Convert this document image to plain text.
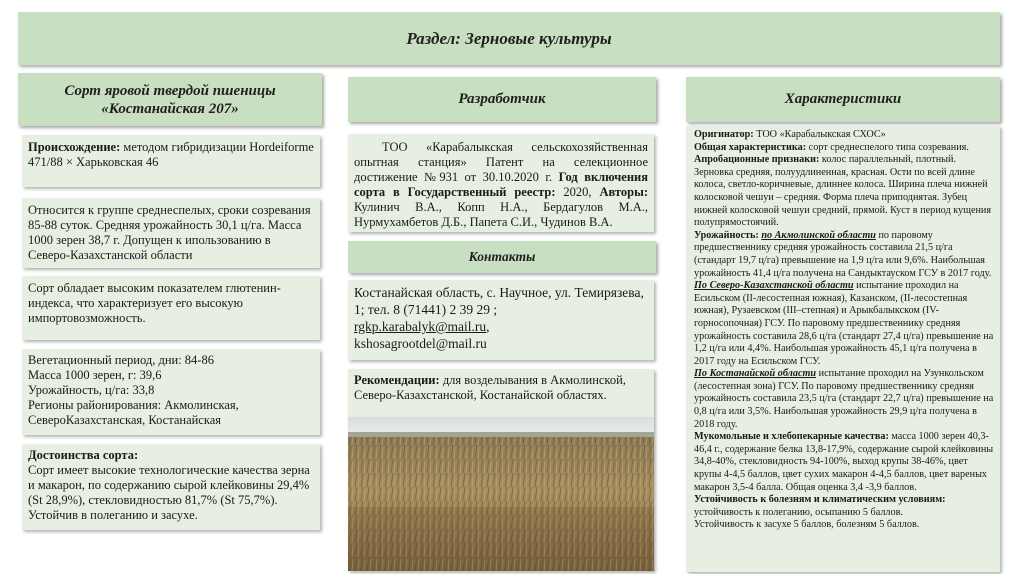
Раздел: Зерновые культуры
Сорт яровой твердой пшеницы
«Костанайская 207»
Происхождение: методом гибридизации Hordeiforme 471/88 × Харьковская 46
Относится к группе среднеспелых, сроки созревания 85-88 суток. Средняя урожайность 30,1 ц/га. Масса 1000 зерен 38,7 г. Допущен к ипользованию в Северо-Казахстанской области
Сорт обладает высоким показателем глютенин-индекса, что характеризует его высокую импортовозможность.
Вегетационный период, дни: 84-86
Масса 1000 зерен, г: 39,6
Урожайность, ц/га: 33,8
Регионы районирования: Акмолинская, СевероКазахстанская, Костанайская
Достоинства сорта:
Сорт имеет высокие технологические качества зерна и макарон, по содержанию сырой клейковины 29,4% (St 28,9%), стекловидностью 81,7% (St 75,7%). Устойчив в полеганию и засухе.
Разработчик
ТОО «Карабалыкская сельскохозяйственная опытная станция» Патент на селекционное достижение №931 от 30.10.2020 г. Год включения сорта в Государственный реестр: 2020, Авторы: Кулинич В.А., Копп Н.А., Бердагулов М.А., Нурмухамбетов Д.Б., Папета С.И., Чудинов В.А.
Контакты
Костанайская область, с. Научное, ул. Темирязева, 1; тел. 8 (71441) 2 39 29 ;
rgkp.karabalyk@mail.ru,
kshosagrootdel@mail.ru
Рекомендации: для возделывания в Акмолинской, Северо-Казахстанской, Костанайской областях.
Характеристики
Оригинатор: ТОО «Карабалыкская СХОС»
Общая характеристика: сорт среднеспелого типа созревания.
Апробационные признаки: колос параллельный, плотный. Зерновка средняя, полуудлиненная, красная. Ости по всей длине колоса, светло-коричневые, длиннее колоса. Ширина плеча нижней колосковой чешуи – средняя. Форма плеча приподнятая. Зубец нижней колосковой чешуи средний, прямой. Куст в период кущения полупрямостоячий.
Урожайность: по Акмолинской области по паровому предшественнику средняя урожайность составила 21,5 ц/га (стандарт 19,7 ц/га) превышение на 1,9 ц/га или 9,6%. Наибольшая урожайность 41,4 ц/га получена на Сандыктауском ГСУ в 2017 году.
По Северо-Казахстанской области испытание проходил на Есильском (II-лесостепная южная), Казанском, (II-лесостепная южная), Рузаевском (III–степная) и Арыкбалыкском (IV-горносопочная) ГСУ. По паровому предшественнику средняя урожайность составила 28,6 ц/га (стандарт 27,4 ц/га) превышение на 1,2 ц/га или 4,4%. Наибольшая урожайность 45,1 ц/га получена в 2017 году на Есильском ГСУ.
По Костанайской области испытание проходил на Узункольском (лесостепная зона) ГСУ. По паровому предшественнику средняя урожайность составила 23,5 ц/га (стандарт 22,7 ц/га) превышение на 0,8 ц/га или 3,5%. Наибольшая урожайность 29,9 ц/га получена в 2018 году.
Мукомольные и хлебопекарные качества: масса 1000 зерен 40,3-46,4 г., содержание белка 13,8-17,9%, содержание сырой клейковины 34,8-40%, стекловидность 94-100%, выход крупы 38-46%, цвет крупы 4-4,5 баллов, цвет сухих макарон 4-4,5 баллов, цвет вареных макарон 3,5-4 балла. Общая оценка 3,4 -3,9 баллов.
Устойчивость к болезням и климатическим условиям: устойчивость к полеганию, осыпанию 5 баллов.
Устойчивость к засухе 5 баллов, болезням 5 баллов.
